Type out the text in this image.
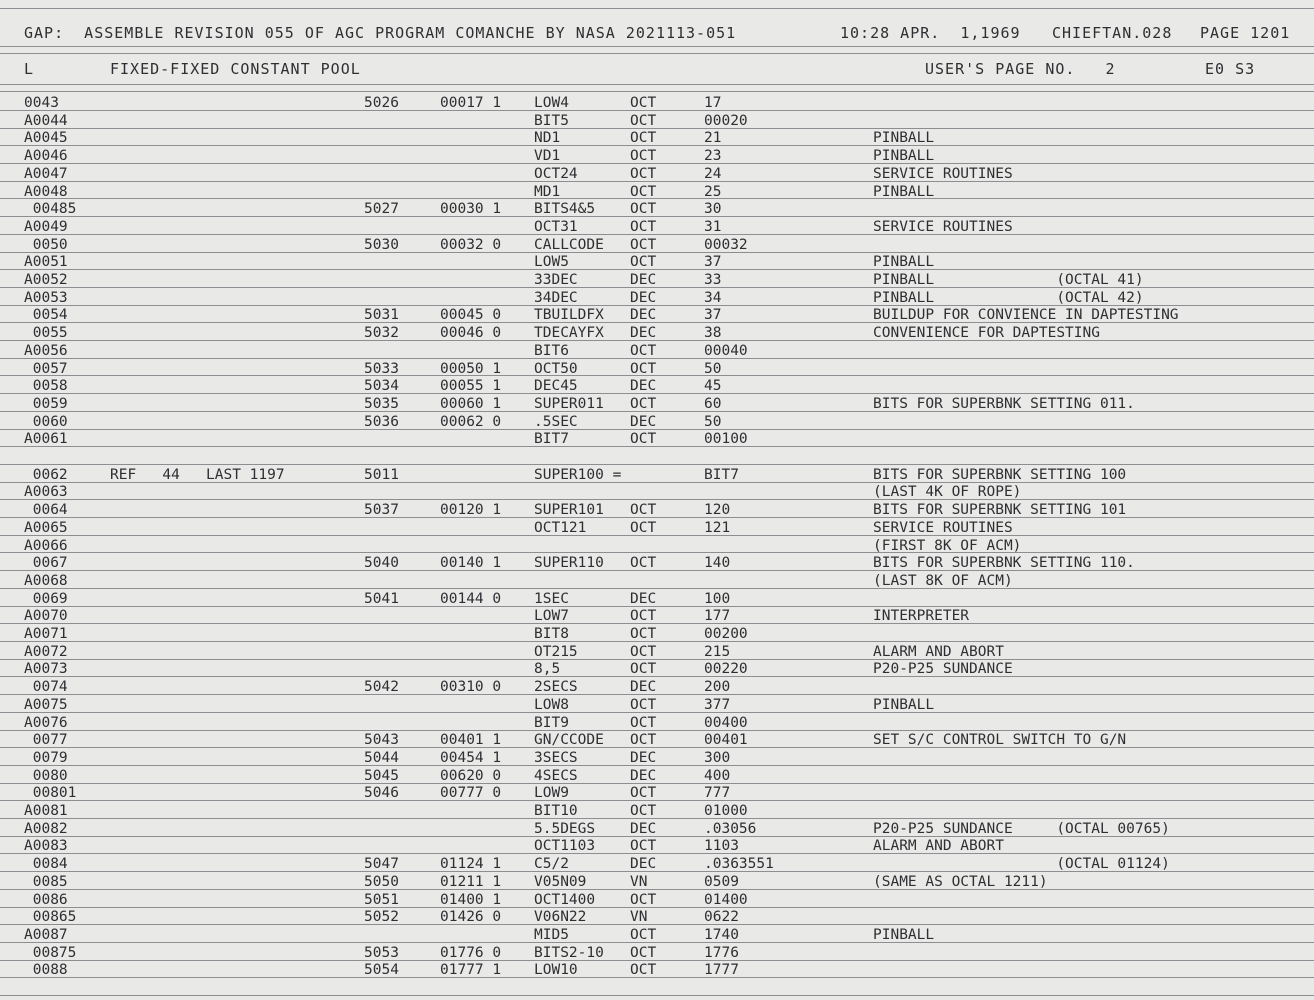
GAP:  ASSEMBLE REVISION 055 OF AGC PROGRAM COMANCHE BY NASA 2021113-051	10:28 APR.  1,1969 CHIEFTAN.028 PAGE 1201
L	FIXED-FIXED CONSTANT POOL	USER'S PAGE NO.   2	E0 S3
0043	5026	00017 1 LOW4	OCT	17
A0044	BIT5	OCT	00020
A0045	ND1	OCT	21	PINBALL
A0046	VD1	OCT	23	PINBALL
A0047	OCT24	OCT	24	SERVICE ROUTINES
A0048	MD1	OCT	25	PINBALL
00485	5027	00030 1 BITS4&5 OCT	30
A0049	OCT31	OCT	31	SERVICE ROUTINES
0050	5030	00032 0 CALLCODE OCT	00032
A0051	LOW5	OCT	37	PINBALL
A0052	33DEC	DEC	33	PINBALL              (OCTAL 41)
A0053	34DEC	DEC	34	PINBALL              (OCTAL 42)
0054	5031	00045 0 TBUILDFX DEC	37	BUILDUP FOR CONVIENCE IN DAPTESTING
0055	5032	00046 0 TDECAYFX DEC	38	CONVENIENCE FOR DAPTESTING
A0056	BIT6	OCT	00040
0057	5033	00050 1 OCT50	OCT	50
0058	5034	00055 1 DEC45	DEC	45
0059	5035	00060 1 SUPER011 OCT	60	BITS FOR SUPERBNK SETTING 011.
0060	5036	00062 0 .5SEC	DEC	50
A0061	BIT7	OCT	00100
0062	REF   44   LAST 1197	5011	SUPER100 =	BIT7	BITS FOR SUPERBNK SETTING 100
A0063	(LAST 4K OF ROPE)
0064	5037	00120 1 SUPER101 OCT	120	BITS FOR SUPERBNK SETTING 101
A0065	OCT121	OCT	121	SERVICE ROUTINES
A0066	(FIRST 8K OF ACM)
0067	5040	00140 1 SUPER110 OCT	140	BITS FOR SUPERBNK SETTING 110.
A0068	(LAST 8K OF ACM)
0069	5041	00144 0 1SEC	DEC	100
A0070	LOW7	OCT	177	INTERPRETER
A0071	BIT8	OCT	00200
A0072	OT215	OCT	215	ALARM AND ABORT
A0073	8,5	OCT	00220	P20-P25 SUNDANCE
0074	5042	00310 0 2SECS	DEC	200
A0075	LOW8	OCT	377	PINBALL
A0076	BIT9	OCT	00400
0077	5043	00401 1 GN/CCODE OCT	00401	SET S/C CONTROL SWITCH TO G/N
0079	5044	00454 1 3SECS	DEC	300
0080	5045	00620 0 4SECS	DEC	400
00801	5046	00777 0 LOW9	OCT	777
A0081	BIT10	OCT	01000
A0082	5.5DEGS DEC	.03056	P20-P25 SUNDANCE     (OCTAL 00765)
A0083	OCT1103 OCT	1103	ALARM AND ABORT
0084	5047	01124 1 C5/2	DEC	.0363551	(OCTAL 01124)
0085	5050	01211 1 V05N09	VN	0509	(SAME AS OCTAL 1211)
0086	5051	01400 1 OCT1400 OCT	01400
00865	5052	01426 0 V06N22	VN	0622
A0087	MID5	OCT	1740	PINBALL
00875	5053	01776 0 BITS2-10 OCT	1776
0088	5054	01777 1 LOW10	OCT	1777
